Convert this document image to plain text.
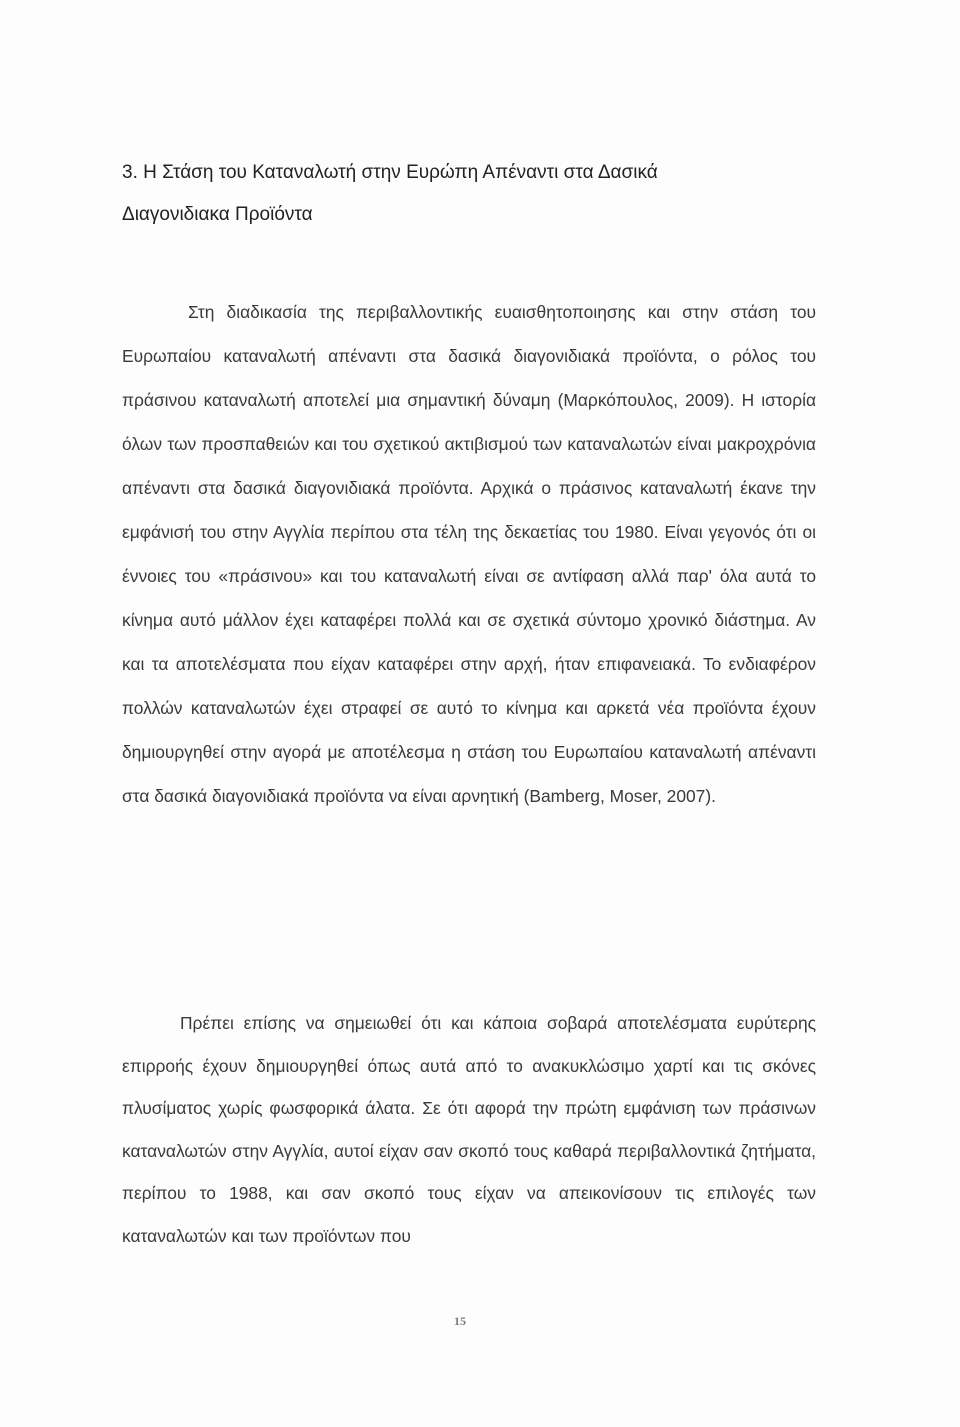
3. Η Στάση του Καταναλωτή στην Ευρώπη Απέναντι στα Δασικά
Διαγονιδιακα Προϊόντα

Στη διαδικασία της περιβαλλοντικής ευαισθητοποιησης και στην στάση του Ευρωπαίου καταναλωτή απέναντι στα δασικά διαγονιδιακά προϊόντα, ο ρόλος του πράσινου καταναλωτή αποτελεί μια σημαντική δύναμη (Μαρκόπουλος, 2009). Η ιστορία όλων των προσπαθειών και του σχετικού ακτιβισμού των καταναλωτών είναι μακροχρόνια απέναντι στα δασικά διαγονιδιακά προϊόντα. Αρχικά ο πράσινος καταναλωτή έκανε την εμφάνισή του στην Αγγλία περίπου στα τέλη της δεκαετίας του 1980. Είναι γεγονός ότι οι έννοιες του «πράσινου» και του καταναλωτή είναι σε αντίφαση αλλά παρ' όλα αυτά το κίνημα αυτό μάλλον έχει καταφέρει πολλά και σε σχετικά σύντομο χρονικό διάστημα. Αν και τα αποτελέσματα που είχαν καταφέρει στην αρχή, ήταν επιφανειακά. Το ενδιαφέρον πολλών καταναλωτών έχει στραφεί σε αυτό το κίνημα και αρκετά νέα προϊόντα έχουν δημιουργηθεί στην αγορά με αποτέλεσμα η στάση του Ευρωπαίου καταναλωτή απέναντι στα δασικά διαγονιδιακά προϊόντα να είναι αρνητική (Bamberg, Moser, 2007).

Πρέπει επίσης να σημειωθεί ότι και κάποια σοβαρά αποτελέσματα ευρύτερης επιρροής έχουν δημιουργηθεί όπως αυτά από το ανακυκλώσιμο χαρτί και τις σκόνες πλυσίματος χωρίς φωσφορικά άλατα. Σε ότι αφορά την πρώτη εμφάνιση των πράσινων καταναλωτών στην Αγγλία, αυτοί είχαν σαν σκοπό τους καθαρά περιβαλλοντικά ζητήματα, περίπου το 1988, και σαν σκοπό τους είχαν να απεικονίσουν τις επιλογές των καταναλωτών και των προϊόντων που

15
